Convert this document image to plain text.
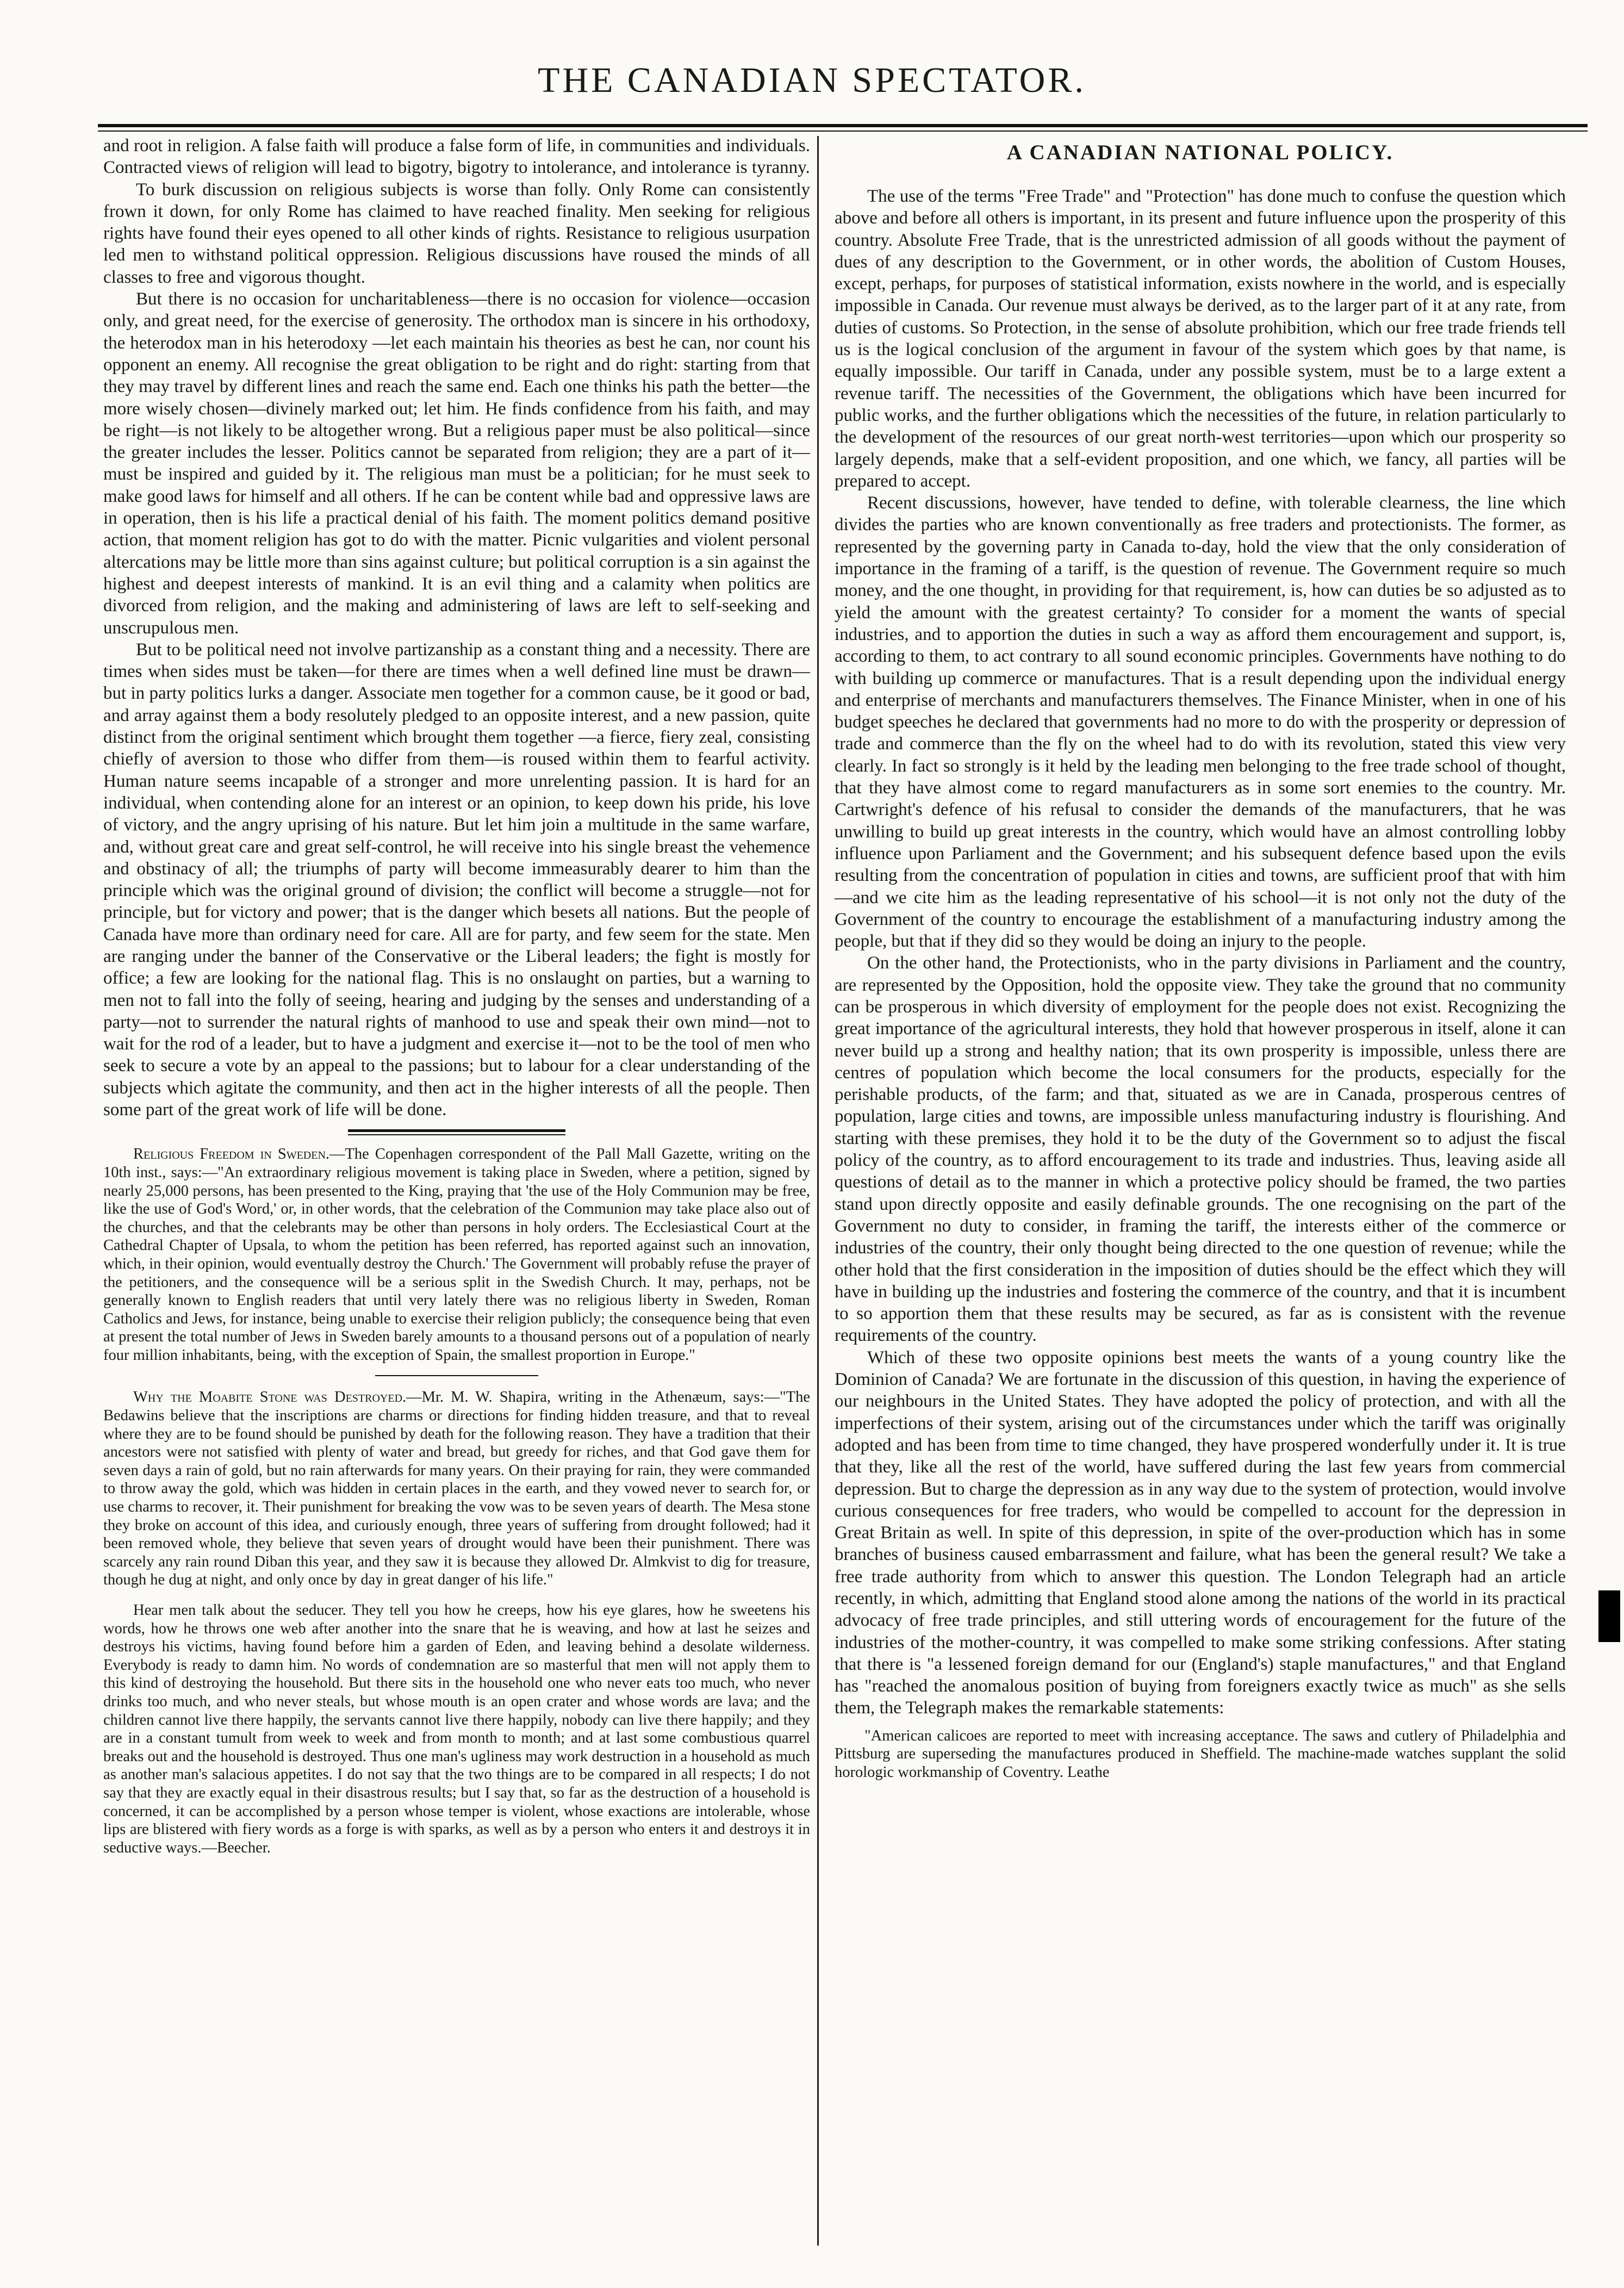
THE CANADIAN SPECTATOR.

and root in religion. A false faith will produce a false form of life, in communities and individuals. Contracted views of religion will lead to bigotry, bigotry to intolerance, and intolerance is tyranny.

To burk discussion on religious subjects is worse than folly. Only Rome can consistently frown it down, for only Rome has claimed to have reached finality. Men seeking for religious rights have found their eyes opened to all other kinds of rights. Resistance to religious usurpation led men to withstand political oppression. Religious discussions have roused the minds of all classes to free and vigorous thought.

But there is no occasion for uncharitableness—there is no occasion for violence—occasion only, and great need, for the exercise of generosity. The orthodox man is sincere in his orthodoxy, the heterodox man in his heterodoxy —let each maintain his theories as best he can, nor count his opponent an enemy. All recognise the great obligation to be right and do right: starting from that they may travel by different lines and reach the same end. Each one thinks his path the better—the more wisely chosen—divinely marked out; let him. He finds confidence from his faith, and may be right—is not likely to be altogether wrong. But a religious paper must be also political—since the greater includes the lesser. Politics cannot be separated from religion; they are a part of it—must be inspired and guided by it. The religious man must be a politician; for he must seek to make good laws for himself and all others. If he can be content while bad and oppressive laws are in operation, then is his life a practical denial of his faith. The moment politics demand positive action, that moment religion has got to do with the matter. Picnic vulgarities and violent personal altercations may be little more than sins against culture; but political corruption is a sin against the highest and deepest interests of mankind. It is an evil thing and a calamity when politics are divorced from religion, and the making and administering of laws are left to self-seeking and unscrupulous men.

But to be political need not involve partizanship as a constant thing and a necessity. There are times when sides must be taken—for there are times when a well defined line must be drawn—but in party politics lurks a danger. Associate men together for a common cause, be it good or bad, and array against them a body resolutely pledged to an opposite interest, and a new passion, quite distinct from the original sentiment which brought them together —a fierce, fiery zeal, consisting chiefly of aversion to those who differ from them—is roused within them to fearful activity. Human nature seems incapable of a stronger and more unrelenting passion. It is hard for an individual, when contending alone for an interest or an opinion, to keep down his pride, his love of victory, and the angry uprising of his nature. But let him join a multitude in the same warfare, and, without great care and great self-control, he will receive into his single breast the vehemence and obstinacy of all; the triumphs of party will become immeasurably dearer to him than the principle which was the original ground of division; the conflict will become a struggle—not for principle, but for victory and power; that is the danger which besets all nations. But the people of Canada have more than ordinary need for care. All are for party, and few seem for the state. Men are ranging under the banner of the Conservative or the Liberal leaders; the fight is mostly for office; a few are looking for the national flag. This is no onslaught on parties, but a warning to men not to fall into the folly of seeing, hearing and judging by the senses and understanding of a party—not to surrender the natural rights of manhood to use and speak their own mind—not to wait for the rod of a leader, but to have a judgment and exercise it—not to be the tool of men who seek to secure a vote by an appeal to the passions; but to labour for a clear understanding of the subjects which agitate the community, and then act in the higher interests of all the people. Then some part of the great work of life will be done.

Religious Freedom in Sweden.—The Copenhagen correspondent of the Pall Mall Gazette, writing on the 10th inst., says:—"An extraordinary religious movement is taking place in Sweden, where a petition, signed by nearly 25,000 persons, has been presented to the King, praying that 'the use of the Holy Communion may be free, like the use of God's Word,' or, in other words, that the celebration of the Communion may take place also out of the churches, and that the celebrants may be other than persons in holy orders. The Ecclesiastical Court at the Cathedral Chapter of Upsala, to whom the petition has been referred, has reported against such an innovation, which, in their opinion, would eventually destroy the Church.' The Government will probably refuse the prayer of the petitioners, and the consequence will be a serious split in the Swedish Church. It may, perhaps, not be generally known to English readers that until very lately there was no religious liberty in Sweden, Roman Catholics and Jews, for instance, being unable to exercise their religion publicly; the consequence being that even at present the total number of Jews in Sweden barely amounts to a thousand persons out of a population of nearly four million inhabitants, being, with the exception of Spain, the smallest proportion in Europe."

Why the Moabite Stone was Destroyed.—Mr. M. W. Shapira, writing in the Athenæum, says:—"The Bedawins believe that the inscriptions are charms or directions for finding hidden treasure, and that to reveal where they are to be found should be punished by death for the following reason. They have a tradition that their ancestors were not satisfied with plenty of water and bread, but greedy for riches, and that God gave them for seven days a rain of gold, but no rain afterwards for many years. On their praying for rain, they were commanded to throw away the gold, which was hidden in certain places in the earth, and they vowed never to search for, or use charms to recover, it. Their punishment for breaking the vow was to be seven years of dearth. The Mesa stone they broke on account of this idea, and curiously enough, three years of suffering from drought followed; had it been removed whole, they believe that seven years of drought would have been their punishment. There was scarcely any rain round Diban this year, and they saw it is because they allowed Dr. Almkvist to dig for treasure, though he dug at night, and only once by day in great danger of his life."

Hear men talk about the seducer. They tell you how he creeps, how his eye glares, how he sweetens his words, how he throws one web after another into the snare that he is weaving, and how at last he seizes and destroys his victims, having found before him a garden of Eden, and leaving behind a desolate wilderness. Everybody is ready to damn him. No words of condemnation are so masterful that men will not apply them to this kind of destroying the household. But there sits in the household one who never eats too much, who never drinks too much, and who never steals, but whose mouth is an open crater and whose words are lava; and the children cannot live there happily, the servants cannot live there happily, nobody can live there happily; and they are in a constant tumult from week to week and from month to month; and at last some combustious quarrel breaks out and the household is destroyed. Thus one man's ugliness may work destruction in a household as much as another man's salacious appetites. I do not say that the two things are to be compared in all respects; I do not say that they are exactly equal in their disastrous results; but I say that, so far as the destruction of a household is concerned, it can be accomplished by a person whose temper is violent, whose exactions are intolerable, whose lips are blistered with fiery words as a forge is with sparks, as well as by a person who enters it and destroys it in seductive ways.—Beecher.

A CANADIAN NATIONAL POLICY.

The use of the terms "Free Trade" and "Protection" has done much to confuse the question which above and before all others is important, in its present and future influence upon the prosperity of this country. Absolute Free Trade, that is the unrestricted admission of all goods without the payment of dues of any description to the Government, or in other words, the abolition of Custom Houses, except, perhaps, for purposes of statistical information, exists nowhere in the world, and is especially impossible in Canada. Our revenue must always be derived, as to the larger part of it at any rate, from duties of customs. So Protection, in the sense of absolute prohibition, which our free trade friends tell us is the logical conclusion of the argument in favour of the system which goes by that name, is equally impossible. Our tariff in Canada, under any possible system, must be to a large extent a revenue tariff. The necessities of the Government, the obligations which have been incurred for public works, and the further obligations which the necessities of the future, in relation particularly to the development of the resources of our great north-west territories—upon which our prosperity so largely depends, make that a self-evident proposition, and one which, we fancy, all parties will be prepared to accept.

Recent discussions, however, have tended to define, with tolerable clearness, the line which divides the parties who are known conventionally as free traders and protectionists. The former, as represented by the governing party in Canada to-day, hold the view that the only consideration of importance in the framing of a tariff, is the question of revenue. The Government require so much money, and the one thought, in providing for that requirement, is, how can duties be so adjusted as to yield the amount with the greatest certainty? To consider for a moment the wants of special industries, and to apportion the duties in such a way as afford them encouragement and support, is, according to them, to act contrary to all sound economic principles. Governments have nothing to do with building up commerce or manufactures. That is a result depending upon the individual energy and enterprise of merchants and manufacturers themselves. The Finance Minister, when in one of his budget speeches he declared that governments had no more to do with the prosperity or depression of trade and commerce than the fly on the wheel had to do with its revolution, stated this view very clearly. In fact so strongly is it held by the leading men belonging to the free trade school of thought, that they have almost come to regard manufacturers as in some sort enemies to the country. Mr. Cartwright's defence of his refusal to consider the demands of the manufacturers, that he was unwilling to build up great interests in the country, which would have an almost controlling lobby influence upon Parliament and the Government; and his subsequent defence based upon the evils resulting from the concentration of population in cities and towns, are sufficient proof that with him—and we cite him as the leading representative of his school—it is not only not the duty of the Government of the country to encourage the establishment of a manufacturing industry among the people, but that if they did so they would be doing an injury to the people.

On the other hand, the Protectionists, who in the party divisions in Parliament and the country, are represented by the Opposition, hold the opposite view. They take the ground that no community can be prosperous in which diversity of employment for the people does not exist. Recognizing the great importance of the agricultural interests, they hold that however prosperous in itself, alone it can never build up a strong and healthy nation; that its own prosperity is impossible, unless there are centres of population which become the local consumers for the products, especially for the perishable products, of the farm; and that, situated as we are in Canada, prosperous centres of population, large cities and towns, are impossible unless manufacturing industry is flourishing. And starting with these premises, they hold it to be the duty of the Government so to adjust the fiscal policy of the country, as to afford encouragement to its trade and industries. Thus, leaving aside all questions of detail as to the manner in which a protective policy should be framed, the two parties stand upon directly opposite and easily definable grounds. The one recognising on the part of the Government no duty to consider, in framing the tariff, the interests either of the commerce or industries of the country, their only thought being directed to the one question of revenue; while the other hold that the first consideration in the imposition of duties should be the effect which they will have in building up the industries and fostering the commerce of the country, and that it is incumbent to so apportion them that these results may be secured, as far as is consistent with the revenue requirements of the country.

Which of these two opposite opinions best meets the wants of a young country like the Dominion of Canada? We are fortunate in the discussion of this question, in having the experience of our neighbours in the United States. They have adopted the policy of protection, and with all the imperfections of their system, arising out of the circumstances under which the tariff was originally adopted and has been from time to time changed, they have prospered wonderfully under it. It is true that they, like all the rest of the world, have suffered during the last few years from commercial depression. But to charge the depression as in any way due to the system of protection, would involve curious consequences for free traders, who would be compelled to account for the depression in Great Britain as well. In spite of this depression, in spite of the over-production which has in some branches of business caused embarrassment and failure, what has been the general result? We take a free trade authority from which to answer this question. The London Telegraph had an article recently, in which, admitting that England stood alone among the nations of the world in its practical advocacy of free trade principles, and still uttering words of encouragement for the future of the industries of the mother-country, it was compelled to make some striking confessions. After stating that there is "a lessened foreign demand for our (England's) staple manufactures," and that England has "reached the anomalous position of buying from foreigners exactly twice as much" as she sells them, the Telegraph makes the remarkable statements:

"American calicoes are reported to meet with increasing acceptance. The saws and cutlery of Philadelphia and Pittsburg are superseding the manufactures produced in Sheffield. The machine-made watches supplant the solid horologic workmanship of Coventry. Leathe
